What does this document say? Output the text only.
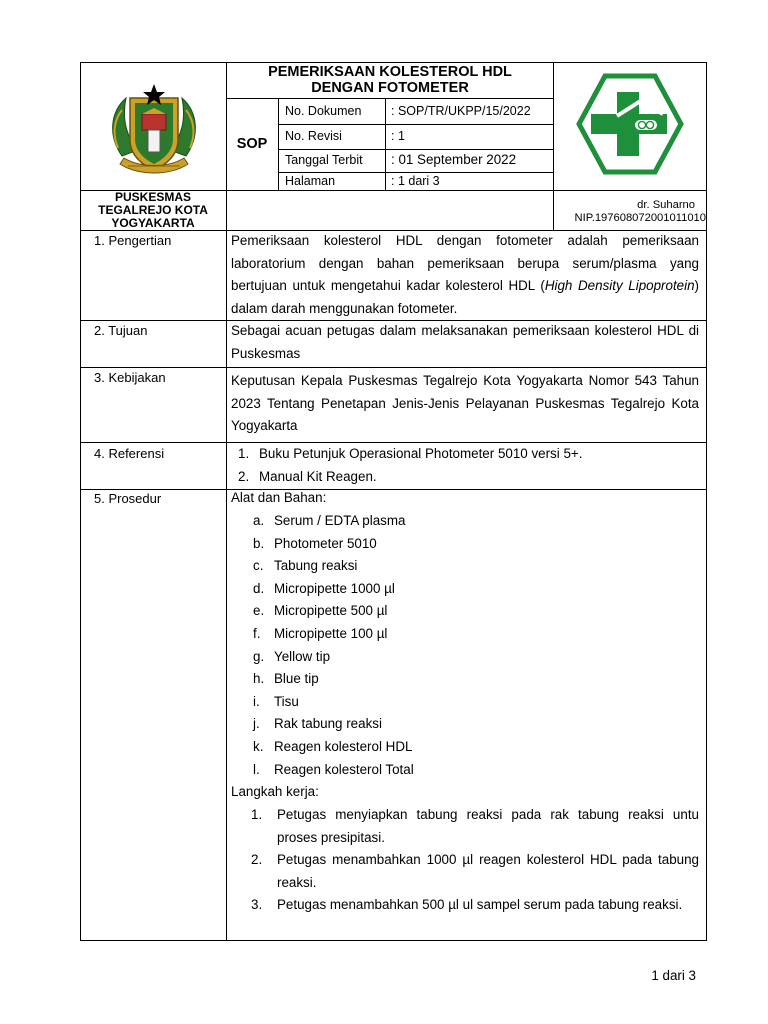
PEMERIKSAAN KOLESTEROL HDL
DENGAN FOTOMETER
SOP
No. Dokumen : SOP/TR/UKPP/15/2022
No. Revisi	: 1
Tanggal Terbit : 01 September 2022
Halaman	: 1 dari 3
PUSKESMAS
TEGALREJO KOTA
YOGYAKARTA
dr. Suharno
NIP.197608072001011010
1. Pengertian	Pemeriksaan kolesterol HDL dengan fotometer adalah pemeriksaan laboratorium dengan bahan pemeriksaan berupa serum/plasma yang bertujuan untuk mengetahui kadar kolesterol HDL (High Density Lipoprotein) dalam darah menggunakan fotometer.
2. Tujuan	Sebagai acuan petugas dalam melaksanakan pemeriksaan kolesterol HDL di Puskesmas
3. Kebijakan	Keputusan Kepala Puskesmas Tegalrejo Kota Yogyakarta Nomor 543 Tahun 2023 Tentang Penetapan Jenis-Jenis Pelayanan Puskesmas Tegalrejo Kota Yogyakarta
4. Referensi	1. Buku Petunjuk Operasional Photometer 5010 versi 5+.
2. Manual Kit Reagen.
5. Prosedur	Alat dan Bahan:
a. Serum / EDTA plasma
b. Photometer 5010
c. Tabung reaksi
d. Micropipette 1000 µl
e. Micropipette 500 µl
f.	Micropipette 100 µl
g. Yellow tip
h. Blue tip
i.	Tisu
j.	Rak tabung reaksi
k. Reagen kolesterol HDL
l.	Reagen kolesterol Total
Langkah kerja:
1.	Petugas menyiapkan tabung reaksi pada rak tabung reaksi untu proses presipitasi.
2.	Petugas menambahkan 1000 µl reagen kolesterol HDL pada tabung reaksi.
3.	Petugas menambahkan 500 µl ul sampel serum pada tabung reaksi.
1 dari 3
